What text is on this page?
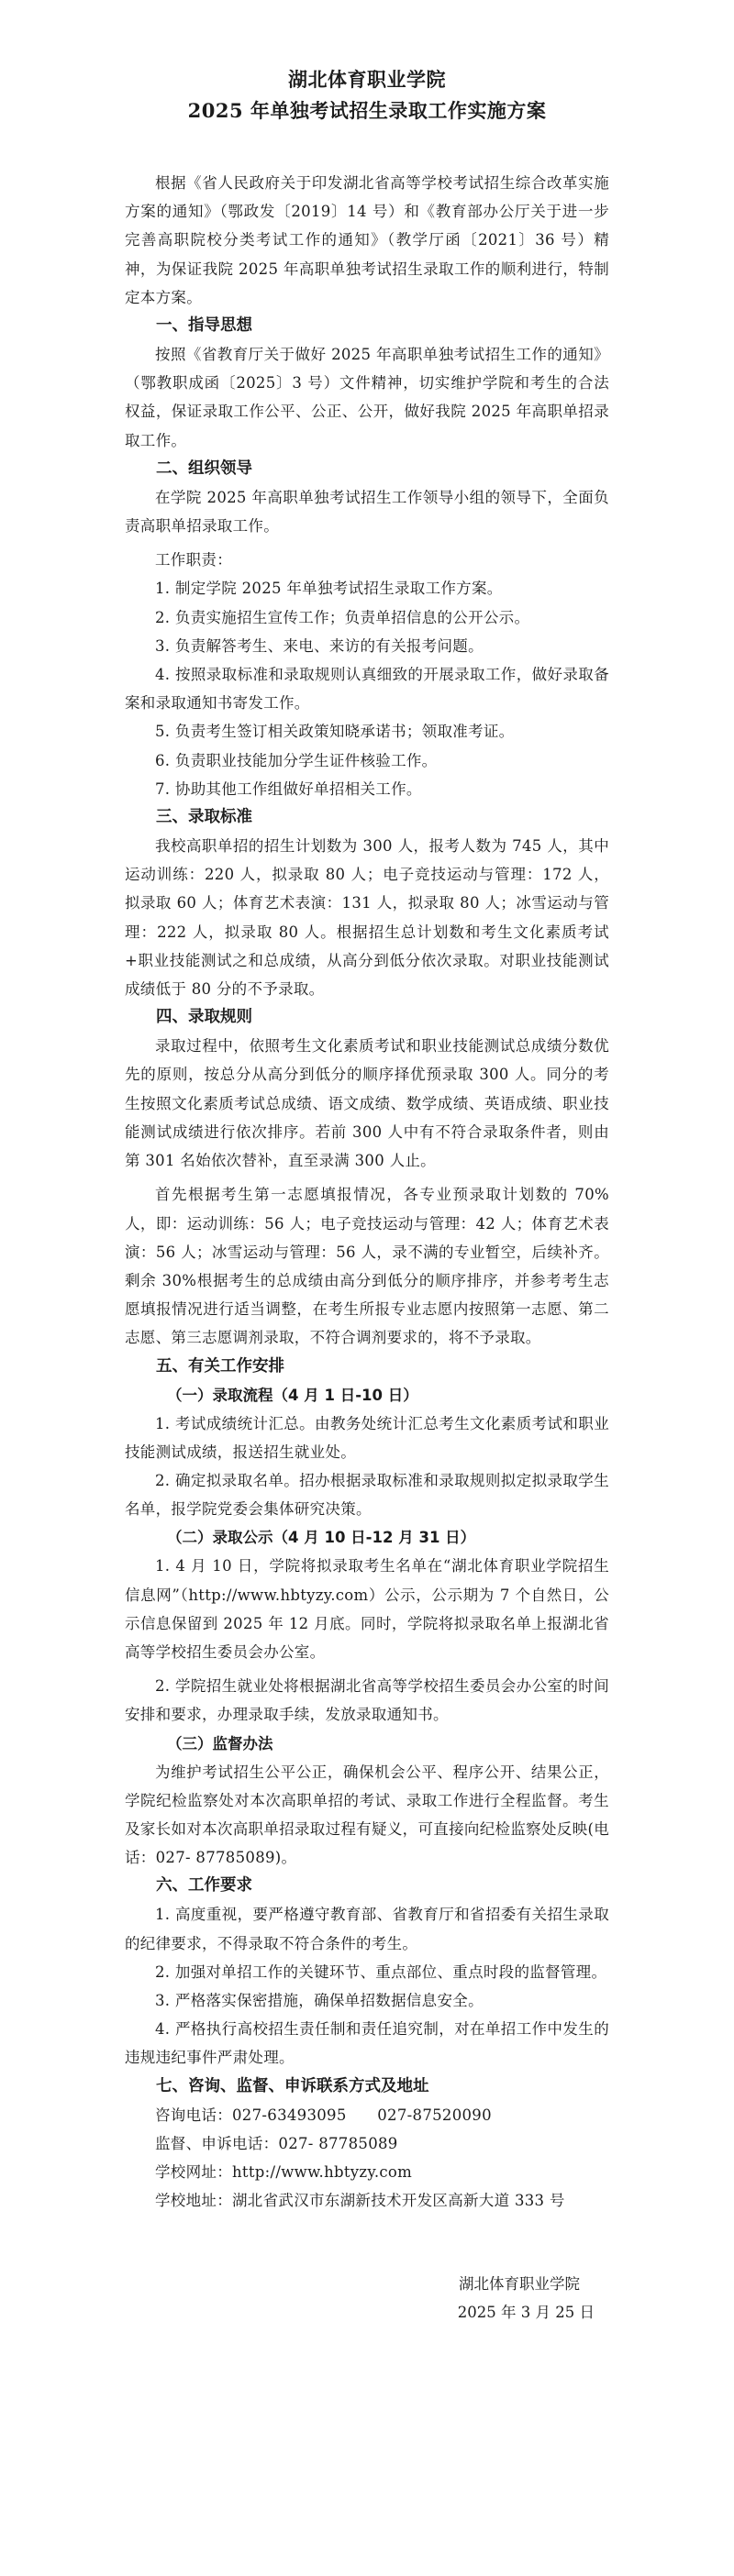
湖北体育职业学院
2025 年单独考试招生录取工作实施方案

根据《省人民政府关于印发湖北省高等学校考试招生综合改革实施方案的通知》（鄂政发〔2019〕14 号）和《教育部办公厅关于进一步完善高职院校分类考试工作的通知》（教学厅函〔2021〕36 号）精神，为保证我院 2025 年高职单独考试招生录取工作的顺利进行，特制定本方案。

一、指导思想

按照《省教育厅关于做好 2025 年高职单独考试招生工作的通知》（鄂教职成函〔2025〕3 号）文件精神，切实维护学院和考生的合法权益，保证录取工作公平、公正、公开，做好我院 2025 年高职单招录取工作。

二、组织领导

在学院 2025 年高职单独考试招生工作领导小组的领导下，全面负责高职单招录取工作。

工作职责：

1. 制定学院 2025 年单独考试招生录取工作方案。

2. 负责实施招生宣传工作；负责单招信息的公开公示。

3. 负责解答考生、来电、来访的有关报考问题。

4. 按照录取标准和录取规则认真细致的开展录取工作，做好录取备案和录取通知书寄发工作。

5. 负责考生签订相关政策知晓承诺书；领取准考证。

6. 负责职业技能加分学生证件核验工作。

7. 协助其他工作组做好单招相关工作。

三、录取标准

我校高职单招的招生计划数为 300 人，报考人数为 745 人，其中运动训练：220 人，拟录取 80 人；电子竞技运动与管理：172 人，拟录取 60 人；体育艺术表演：131 人，拟录取 80 人；冰雪运动与管理：222 人，拟录取 80 人。根据招生总计划数和考生文化素质考试+职业技能测试之和总成绩，从高分到低分依次录取。对职业技能测试成绩低于 80 分的不予录取。

四、录取规则

录取过程中，依照考生文化素质考试和职业技能测试总成绩分数优先的原则，按总分从高分到低分的顺序择优预录取 300 人。同分的考生按照文化素质考试总成绩、语文成绩、数学成绩、英语成绩、职业技能测试成绩进行依次排序。若前 300 人中有不符合录取条件者，则由第 301 名始依次替补，直至录满 300 人止。

首先根据考生第一志愿填报情况，各专业预录取计划数的 70%人，即：运动训练：56 人；电子竞技运动与管理：42 人；体育艺术表演：56 人；冰雪运动与管理：56 人，录不满的专业暂空，后续补齐。剩余 30%根据考生的总成绩由高分到低分的顺序排序，并参考考生志愿填报情况进行适当调整，在考生所报专业志愿内按照第一志愿、第二志愿、第三志愿调剂录取，不符合调剂要求的，将不予录取。

五、有关工作安排
（一）录取流程（4 月 1 日-10 日）

1. 考试成绩统计汇总。由教务处统计汇总考生文化素质考试和职业技能测试成绩，报送招生就业处。

2. 确定拟录取名单。招办根据录取标准和录取规则拟定拟录取学生名单，报学院党委会集体研究决策。

（二）录取公示（4 月 10 日-12 月 31 日）

1. 4 月 10 日，学院将拟录取考生名单在“湖北体育职业学院招生信息网”（http://www.hbtyzy.com）公示，公示期为 7 个自然日，公示信息保留到 2025 年 12 月底。同时，学院将拟录取名单上报湖北省高等学校招生委员会办公室。

2. 学院招生就业处将根据湖北省高等学校招生委员会办公室的时间安排和要求，办理录取手续，发放录取通知书。

（三）监督办法

为维护考试招生公平公正，确保机会公平、程序公开、结果公正，学院纪检监察处对本次高职单招的考试、录取工作进行全程监督。考生及家长如对本次高职单招录取过程有疑义，可直接向纪检监察处反映(电话：027- 87785089)。

六、工作要求

1. 高度重视，要严格遵守教育部、省教育厅和省招委有关招生录取的纪律要求，不得录取不符合条件的考生。

2. 加强对单招工作的关键环节、重点部位、重点时段的监督管理。

3. 严格落实保密措施，确保单招数据信息安全。

4. 严格执行高校招生责任制和责任追究制，对在单招工作中发生的违规违纪事件严肃处理。

七、咨询、监督、申诉联系方式及地址

咨询电话：027-63493095　　027-87520090

监督、申诉电话：027- 87785089

学校网址：http://www.hbtyzy.com

学校地址：湖北省武汉市东湖新技术开发区高新大道 333 号

湖北体育职业学院

2025 年 3 月 25 日
